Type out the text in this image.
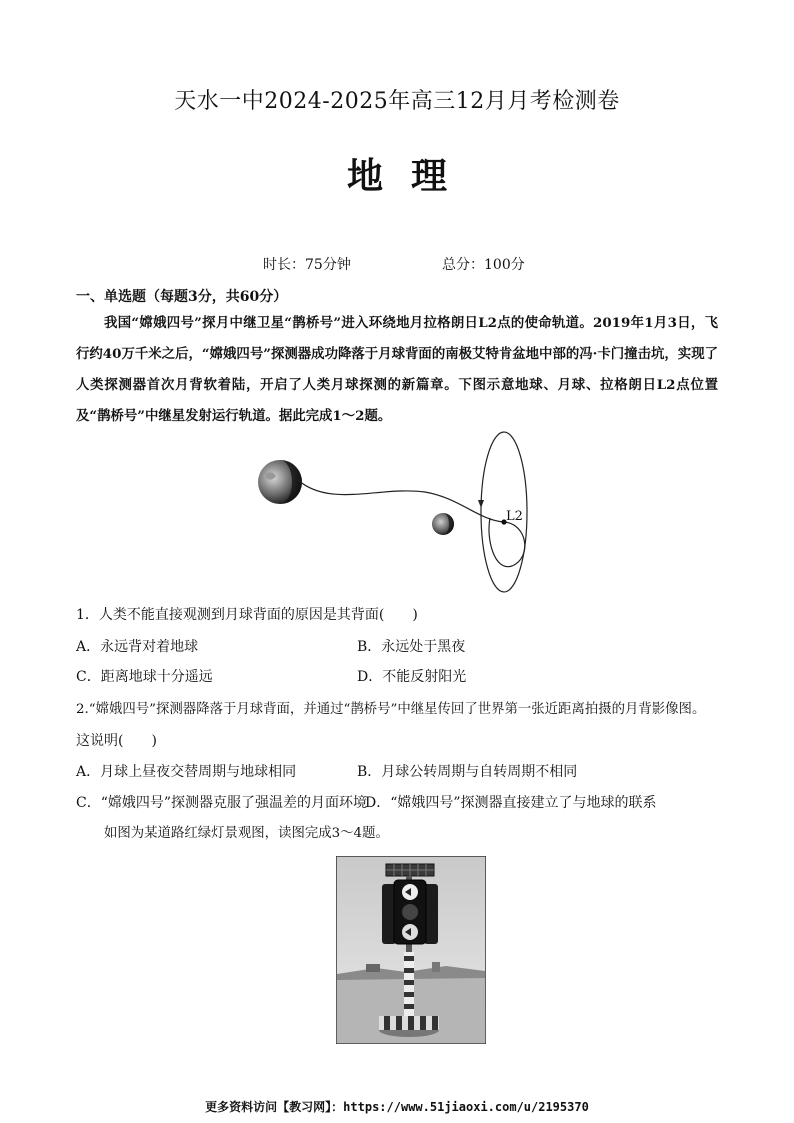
天水一中2024-2025年高三12月月考检测卷
地理
时长：75分钟	总分：100分
一、单选题（每题3分，共60分）
我国“嫦娥四号”探月中继卫星“鹊桥号”进入环绕地月拉格朗日L2点的使命轨道。2019年1月3日，飞行约40万千米之后，“嫦娥四号”探测器成功降落于月球背面的南极艾特肯盆地中部的冯·卡门撞击坑，实现了人类探测器首次月背软着陆，开启了人类月球探测的新篇章。下图示意地球、月球、拉格朗日L2点位置及“鹊桥号”中继星发射运行轨道。据此完成1～2题。
L2
1．人类不能直接观测到月球背面的原因是其背面(　　)
A．永远背对着地球	B．永远处于黑夜
C．距离地球十分遥远	D．不能反射阳光
2.“嫦娥四号”探测器降落于月球背面，并通过“鹊桥号”中继星传回了世界第一张近距离拍摄的月背影像图。
这说明(　　)
A．月球上昼夜交替周期与地球相同	B．月球公转周期与自转周期不相同
C．“嫦娥四号”探测器克服了强温差的月面环境
D．“嫦娥四号”探测器直接建立了与地球的联系
如图为某道路红绿灯景观图，读图完成3～4题。
更多资料访问【教习网】：https://www.51jiaoxi.com/u/2195370
